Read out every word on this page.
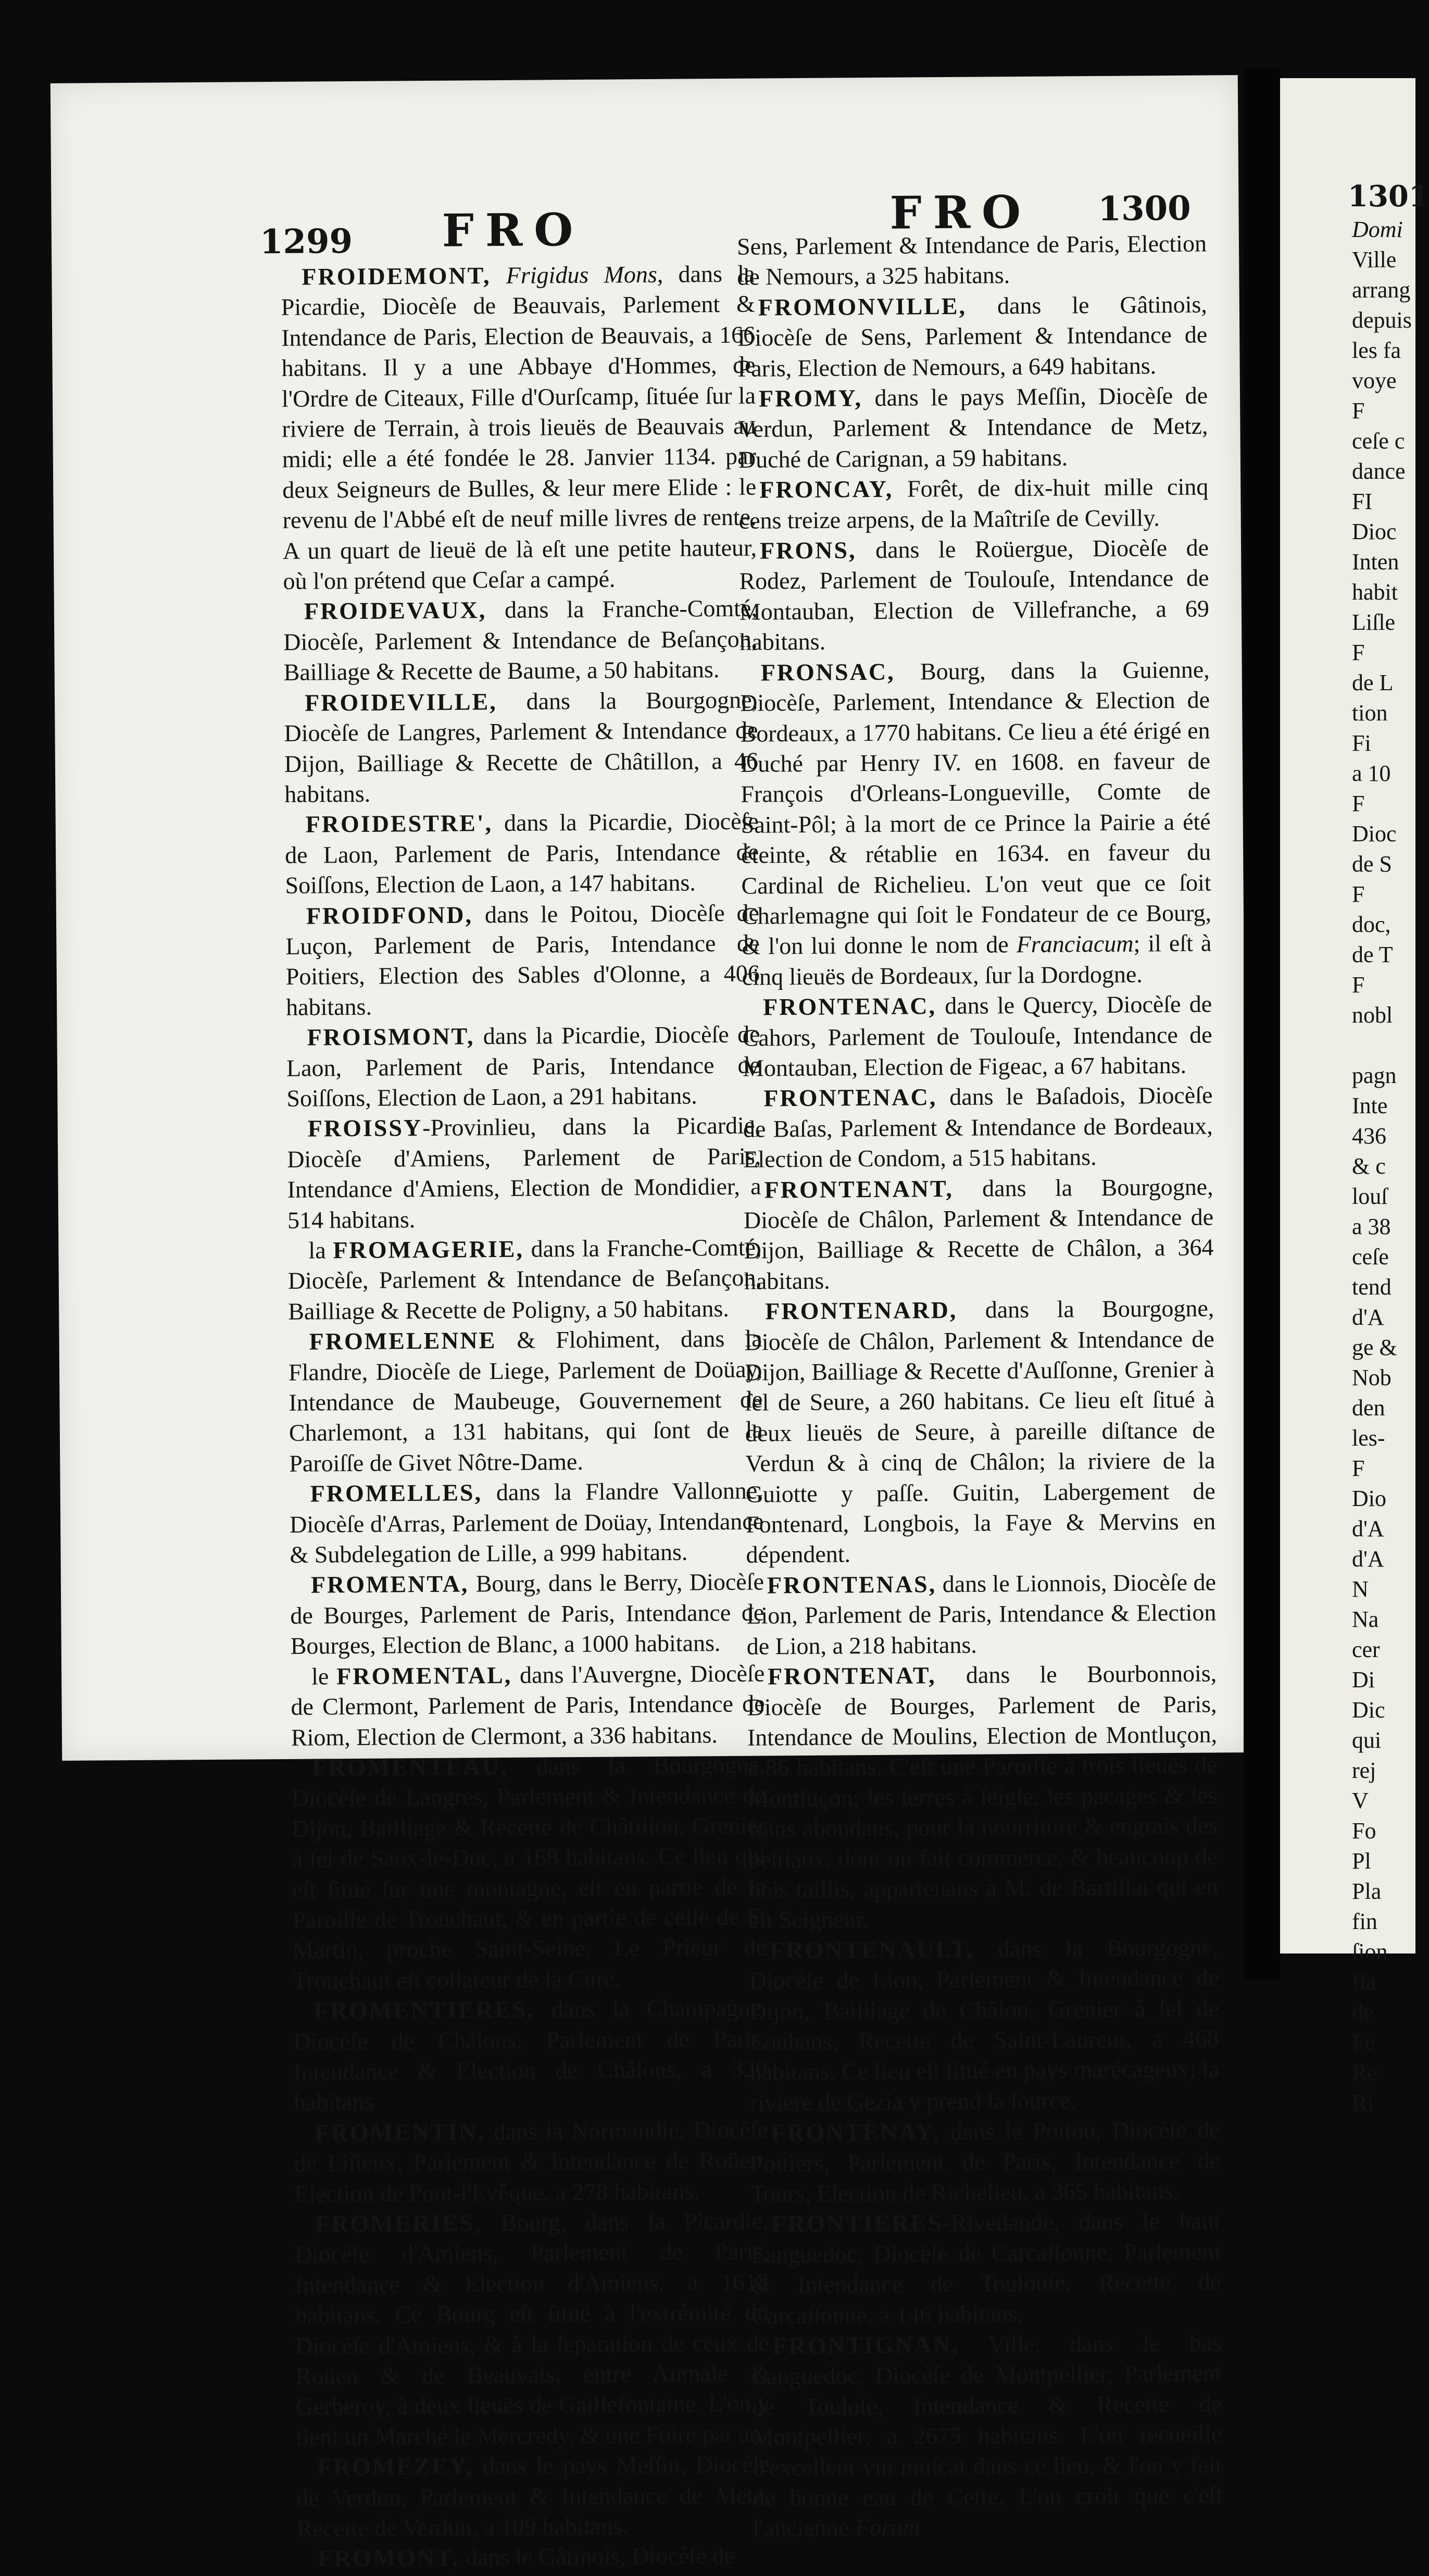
1299 FRO	FRO 1300

FROIDEMONT, Frigidus Mons, dans la Picardie, Diocèſe de Beauvais, Parlement & Intendance de Paris, Election de Beauvais, a 166 habitans. Il y a une Abbaye d'Hommes, de l'Ordre de Citeaux, Fille d'Ourſcamp, ſituée ſur la riviere de Terrain, à trois lieuës de Beauvais au midi; elle a été fondée le 28. Janvier 1134. par deux Seigneurs de Bulles, & leur mere Elide : le revenu de l'Abbé eſt de neuf mille livres de rente. A un quart de lieuë de là eſt une petite hauteur, où l'on prétend que Ceſar a campé.

FROIDEVAUX, dans la Franche-Comté, Diocèſe, Parlement & Intendance de Beſançon, Bailliage & Recette de Baume, a 50 habitans.

FROIDEVILLE, dans la Bourgogne, Diocèſe de Langres, Parlement & Intendance de Dijon, Bailliage & Recette de Châtillon, a 46 habitans.

FROIDESTRE', dans la Picardie, Diocèſe de Laon, Parlement de Paris, Intendance de Soiſſons, Election de Laon, a 147 habitans.

FROIDFOND, dans le Poitou, Diocèſe de Luçon, Parlement de Paris, Intendance de Poitiers, Election des Sables d'Olonne, a 406 habitans.

FROISMONT, dans la Picardie, Diocèſe de Laon, Parlement de Paris, Intendance de Soiſſons, Election de Laon, a 291 habitans.

FROISSY-Provinlieu, dans la Picardie, Diocèſe d'Amiens, Parlement de Paris, Intendance d'Amiens, Election de Mondidier, a 514 habitans.

la FROMAGERIE, dans la Franche-Comté, Diocèſe, Parlement & Intendance de Beſançon, Bailliage & Recette de Poligny, a 50 habitans.

FROMELENNE & Flohiment, dans la Flandre, Diocèſe de Liege, Parlement de Doüay, Intendance de Maubeuge, Gouvernement de Charlemont, a 131 habitans, qui ſont de la Paroiſſe de Givet Nôtre-Dame.

FROMELLES, dans la Flandre Vallonne, Diocèſe d'Arras, Parlement de Doüay, Intendance & Subdelegation de Lille, a 999 habitans.

FROMENTA, Bourg, dans le Berry, Diocèſe de Bourges, Parlement de Paris, Intendance de Bourges, Election de Blanc, a 1000 habitans.

le FROMENTAL, dans l'Auvergne, Diocèſe de Clermont, Parlement de Paris, Intendance de Riom, Election de Clermont, a 336 habitans.

FROMENTEAU, dans la Bourgogne, Diocèſe de Langres, Parlement & Intendance de Dijon, Bailliage & Recette de Châtillon, Grenier à ſel de Saux-le-Duc, a 168 habitans. Ce lieu qui eſt ſitué ſur une montagne, eſt en partie de la Paroiſſe de Trouchaut, & en partie de celle de S. Martin, proche Saint-Seine. Le Prieur de Trouchaut eſt collateur de la Cure.

FROMENTIERES, dans la Champagne, Diocèſe de Châlons, Parlement de Paris, Intendance & Election de Châlons, a 320 habitans

FROMENTIN, dans la Normandie, Diocèſe de Liſieux, Parlement & Intendance de Roüen, Election de Pont-l'Evêque, a 278 habitans.

FROMERIES, Bourg, dans la Picardie, Diocèſe d'Amiens, Parlement de Paris, Intendance & Election d'Amiens, a 1612 habitans. Ce Bourg eſt ſitué à l'extrémité du Diocèſe d'Amiens, & à la ſeparation de ceux de Roüen & de Beauvais, entre Aumale & Gerberoy, à deux lieuës de Gaillefontaine. L'on y tient un Marché le Mercredy, & une Foire par an.

FROMEZEY, dans le pays Meſſin, Diocèſe de Verdun, Parlement & Intendance de Metz, Recette de Verdun, a 109 habitans.

FROMONT, dans le Gâtinois, Diocèſe de

Sens, Parlement & Intendance de Paris, Election de Nemours, a 325 habitans.

FROMONVILLE, dans le Gâtinois, Diocèſe de Sens, Parlement & Intendance de Paris, Election de Nemours, a 649 habitans.

FROMY, dans le pays Meſſin, Diocèſe de Verdun, Parlement & Intendance de Metz, Duché de Carignan, a 59 habitans.

FRONCAY, Forêt, de dix-huit mille cinq cens treize arpens, de la Maîtriſe de Cevilly.

FRONS, dans le Roüergue, Diocèſe de Rodez, Parlement de Toulouſe, Intendance de Montauban, Election de Villefranche, a 69 habitans.

FRONSAC, Bourg, dans la Guienne, Diocèſe, Parlement, Intendance & Election de Bordeaux, a 1770 habitans. Ce lieu a été érigé en Duché par Henry IV. en 1608. en faveur de François d'Orleans-Longueville, Comte de Saint-Pôl; à la mort de ce Prince la Pairie a été éteinte, & rétablie en 1634. en faveur du Cardinal de Richelieu. L'on veut que ce ſoit Charlemagne qui ſoit le Fondateur de ce Bourg, & l'on lui donne le nom de Franciacum; il eſt à cinq lieuës de Bordeaux, ſur la Dordogne.

FRONTENAC, dans le Quercy, Diocèſe de Cahors, Parlement de Toulouſe, Intendance de Montauban, Election de Figeac, a 67 habitans.

FRONTENAC, dans le Baſadois, Diocèſe de Baſas, Parlement & Intendance de Bordeaux, Election de Condom, a 515 habitans.

FRONTENANT, dans la Bourgogne, Diocèſe de Châlon, Parlement & Intendance de Dijon, Bailliage & Recette de Châlon, a 364 habitans.

FRONTENARD, dans la Bourgogne, Diocèſe de Châlon, Parlement & Intendance de Dijon, Bailliage & Recette d'Auſſonne, Grenier à ſel de Seure, a 260 habitans. Ce lieu eſt ſitué à deux lieuës de Seure, à pareille diſtance de Verdun & à cinq de Châlon; la riviere de la Guiotte y paſſe. Guitin, Labergement de Fontenard, Longbois, la Faye & Mervins en dépendent.

FRONTENAS, dans le Lionnois, Diocèſe de Lion, Parlement de Paris, Intendance & Election de Lion, a 218 habitans.

FRONTENAT, dans le Bourbonnois, Diocèſe de Bourges, Parlement de Paris, Intendance de Moulins, Election de Montluçon, a 86 habitans. C'eſt une Paroiſſe à trois lieuës de Montluçon; les terres à ſeigle, les pacages & les foins abondans, pour la nourriture & engrais des beſtiaux, dont on fait commerce, & beaucoup de bois taillis, appartenans à M. de Bartillat qui en eſt Seigneur.

FRONTENAULT, dans la Bourgogne, Diocèſe de Lion, Parlement & Intendance de Dijon, Bailliage de Châlon, Grenier à ſel de Louhans, Recette de Saint-Laurent, a 468 habitans. Ce lieu eſt ſitué en pays marécageux; la riviere de Gezia y prend ſa ſource.

FRONTENAY, dans le Poitou, Diocèſe de Poitiers, Parlement de Paris, Intendance de Tours, Election de Richelieu, a 365 habitans.

FRONTIERES-Rivedande, dans le haut Languedoc, Diocèſe de Carcaſſonne, Parlement & Intendance de Toulouſe, Recette de Carcaſſonne, a 146 habitans.

FRONTIGNAN, Ville, dans le bas Languedoc, Diocèſe de Montpellier, Parlement de Touloſe, Intendance & Recette de Montpellier, a 2675 habitans. L'on recueille d'excellent vin muſcat dans ce lieu, & l'on y fait de bonne eau de Cette. L'on croit que c'eſt l'ancienne Forum

1301
Domi
Ville
arrang
depuis
les fa
voye
F
ceſe c
dance
FI
Dioc
Inten
habit
Liſle
F
de L
tion
Fi
a 10
F
Dioc
de S
F
doc,
de T
F
nobl

pagn
Inte
436
& c
louſ
a 38
ceſe
tend
d'A
ge &
Nob
den
les-
F
Dio
d'A
d'A
N
Na
cer
Di
Dic
qui
rej
V
Fo
Pl
Pla
fin
ſion
fla
de
Fe
Re
Ri
